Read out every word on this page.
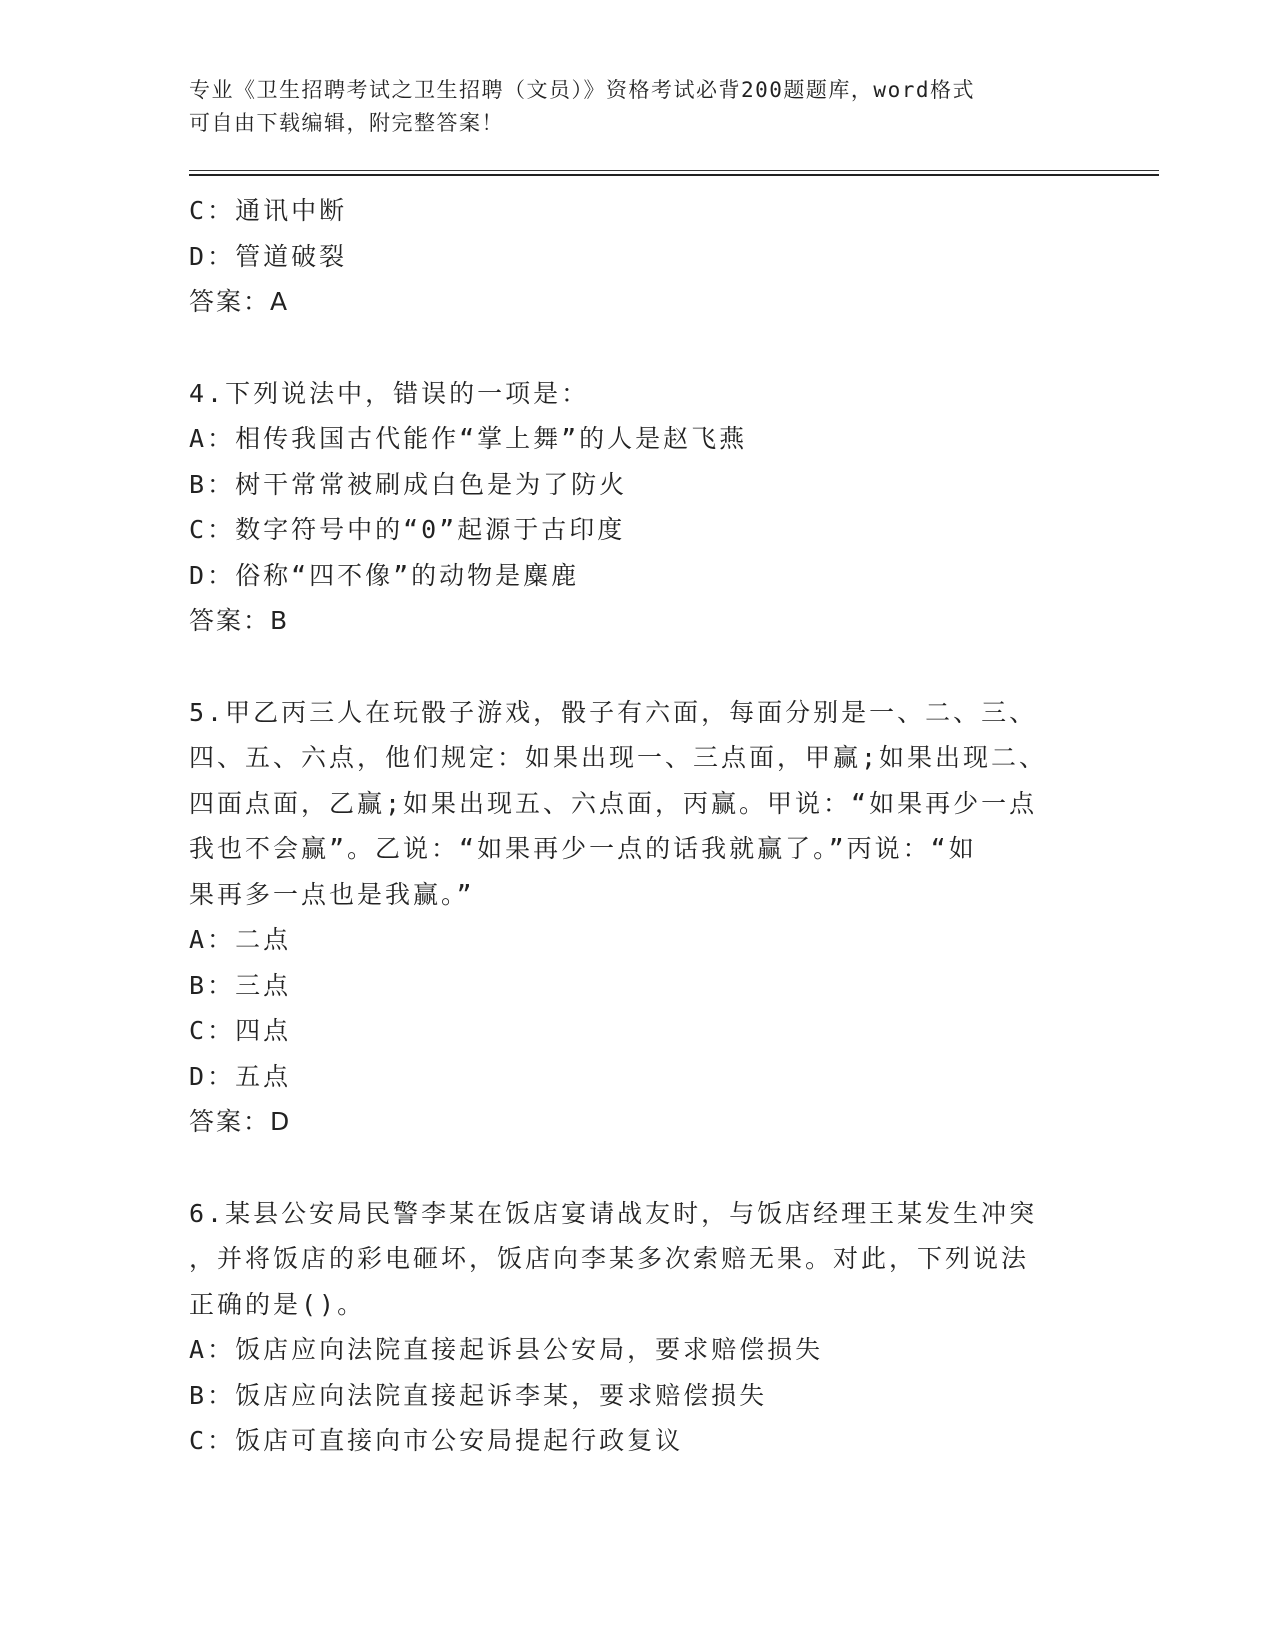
专业《卫生招聘考试之卫生招聘（文员）》资格考试必背200题题库，word格式
可自由下载编辑，附完整答案！
C：通讯中断
D：管道破裂
答案：A
4.下列说法中，错误的一项是：
A：相传我国古代能作“掌上舞”的人是赵飞燕
B：树干常常被刷成白色是为了防火
C：数字符号中的“0”起源于古印度
D：俗称“四不像”的动物是麋鹿
答案：B
5.甲乙丙三人在玩骰子游戏，骰子有六面，每面分别是一、二、三、
四、五、六点，他们规定：如果出现一、三点面，甲赢;如果出现二、
四面点面，乙赢;如果出现五、六点面，丙赢。甲说：“如果再少一点
我也不会赢”。乙说：“如果再少一点的话我就赢了。”丙说：“如
果再多一点也是我赢。”
A：二点
B：三点
C：四点
D：五点
答案：D
6.某县公安局民警李某在饭店宴请战友时，与饭店经理王某发生冲突
，并将饭店的彩电砸坏，饭店向李某多次索赔无果。对此，下列说法
正确的是()。
A：饭店应向法院直接起诉县公安局，要求赔偿损失
B：饭店应向法院直接起诉李某，要求赔偿损失
C：饭店可直接向市公安局提起行政复议
